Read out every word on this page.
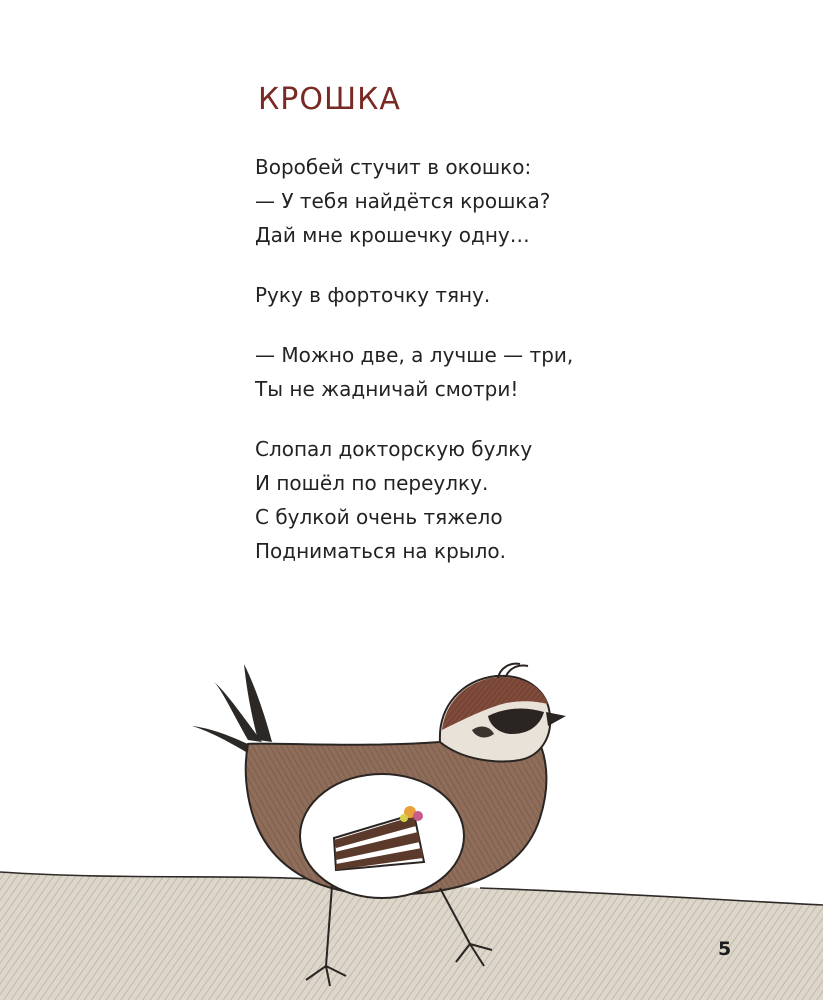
КРОШКА
Воробей стучит в окошко:
— У тебя найдётся крошка?
Дай мне крошечку одну…
Руку в форточку тяну.
— Можно две, а лучше — три,
Ты не жадничай смотри!
Слопал докторскую булку
И пошёл по переулку.
С булкой очень тяжело
Подниматься на крыло.
5
